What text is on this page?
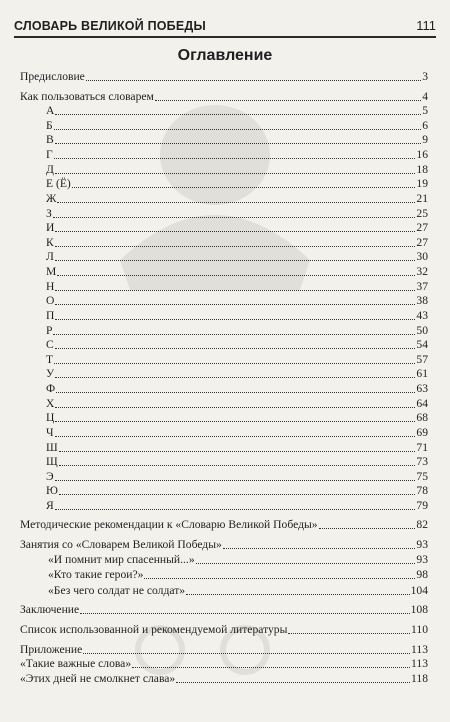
СЛОВАРЬ ВЕЛИКОЙ ПОБЕДЫ	111
Оглавление
Предисловие	3
Как пользоваться словарем	4
А	5
Б	6
В	9
Г	16
Д	18
Е (Ё)	19
Ж	21
З	25
И	27
К	27
Л	30
М	32
Н	37
О	38
П	43
Р	50
С	54
Т	57
У	61
Ф	63
Х	64
Ц	68
Ч	69
Ш	71
Щ	73
Э	75
Ю	78
Я	79
Методические рекомендации к «Словарю Великой Победы»	82
Занятия со «Словарем Великой Победы»	93
«И помнит мир спасенный...»	93
«Кто такие герои?»	98
«Без чего солдат не солдат»	104
Заключение	108
Список использованной и рекомендуемой литературы	110
Приложение	113
«Такие важные слова»	113
«Этих дней не смолкнет слава»	118
